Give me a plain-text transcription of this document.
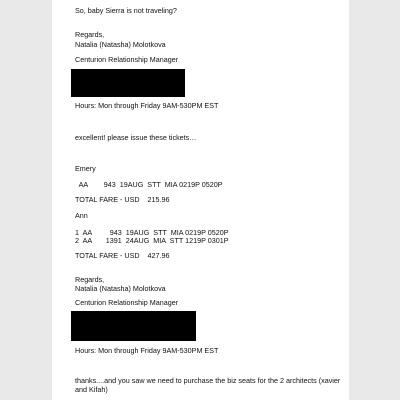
So, baby Sierra is not traveling?

Regards,

Natalia (Natasha) Molotkova

Centurion Relationship Manager

Hours: Mon through Friday 9AM-530PM EST

excellent! please issue these tickets…

Emery

AA        943  19AUG  STT  MIA 0219P 0520P

TOTAL FARE - USD    215.96

Ann

1  AA         943  19AUG  STT  MIA 0219P 0520P

2  AA       1391  24AUG  MIA  STT 1219P 0301P

TOTAL FARE - USD    427.96

Regards,

Natalia (Natasha) Molotkova

Centurion Relationship Manager

Hours: Mon through Friday 9AM-530PM EST

thanks....and you saw we need to purchase the biz seats for the 2 architects (xavier and Kifah)
